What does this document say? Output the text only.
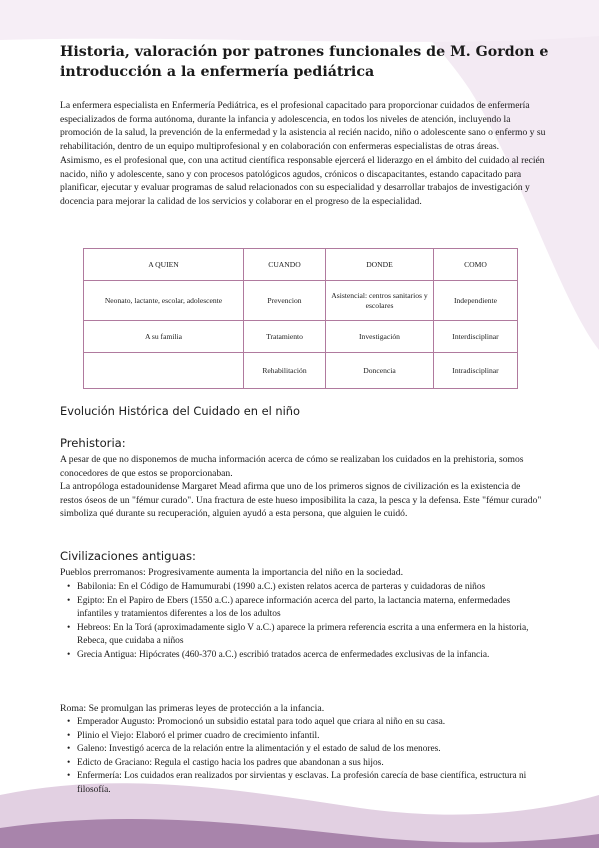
Historia, valoración por patrones funcionales de M. Gordon e introducción a la enfermería pediátrica

La enfermera especialista en Enfermería Pediátrica, es el profesional capacitado para proporcionar cuidados de enfermería especializados de forma autónoma, durante la infancia y adolescencia, en todos los niveles de atención, incluyendo la promoción de la salud, la prevención de la enfermedad y la asistencia al recién nacido, niño o adolescente sano o enfermo y su rehabilitación, dentro de un equipo multiprofesional y en colaboración con enfermeras especialistas de otras áreas.

Asimismo, es el profesional que, con una actitud científica responsable ejercerá el liderazgo en el ámbito del cuidado al recién nacido, niño y adolescente, sano y con procesos patológicos agudos, crónicos o discapacitantes, estando capacitado para planificar, ejecutar y evaluar programas de salud relacionados con su especialidad y desarrollar trabajos de investigación y docencia para mejorar la calidad de los servicios y colaborar en el progreso de la especialidad.

A QUIEN	CUANDO	DONDE	COMO
Neonato, lactante, escolar, adolescente	Prevencion	Asistencial: centros sanitarios y escolares	Independiente
A su familia	Tratamiento	Investigación	Interdisciplinar
	Rehabilitación	Doncencia	Intradisciplinar
Evolución Histórica del Cuidado en el niño
Prehistoria:

A pesar de que no disponemos de mucha información acerca de cómo se realizaban los cuidados en la prehistoria, somos conocedores de que estos se proporcionaban.

La antropóloga estadounidense Margaret Mead afirma que uno de los primeros signos de civilización es la existencia de restos óseos de un "fémur curado". Una fractura de este hueso imposibilita la caza, la pesca y la defensa. Este "fémur curado" simboliza qué durante su recuperación, alguien ayudó a esta persona, que alguien le cuidó.

Civilizaciones antiguas:
Pueblos prerromanos: Progresivamente aumenta la importancia del niño en la sociedad.
• Babilonia: En el Código de Hamumurabi (1990 a.C.) existen relatos acerca de parteras y cuidadoras de niños
• Egipto: En el Papiro de Ebers (1550 a.C.) aparece información acerca del parto, la lactancia materna, enfermedades infantiles y tratamientos diferentes a los de los adultos
• Hebreos: En la Torá (aproximadamente siglo V a.C.) aparece la primera referencia escrita a una enfermera en la historia, Rebeca, que cuidaba a niños
• Grecia Antigua: Hipócrates (460-370 a.C.) escribió tratados acerca de enfermedades exclusivas de la infancia.
Roma: Se promulgan las primeras leyes de protección a la infancia.
• Emperador Augusto: Promocionó un subsidio estatal para todo aquel que criara al niño en su casa.
• Plinio el Viejo: Elaboró el primer cuadro de crecimiento infantil.
• Galeno: Investigó acerca de la relación entre la alimentación y el estado de salud de los menores.
• Edicto de Graciano: Regula el castigo hacia los padres que abandonan a sus hijos.
• Enfermería: Los cuidados eran realizados por sirvientas y esclavas. La profesión carecía de base científica, estructura ni filosofía.
